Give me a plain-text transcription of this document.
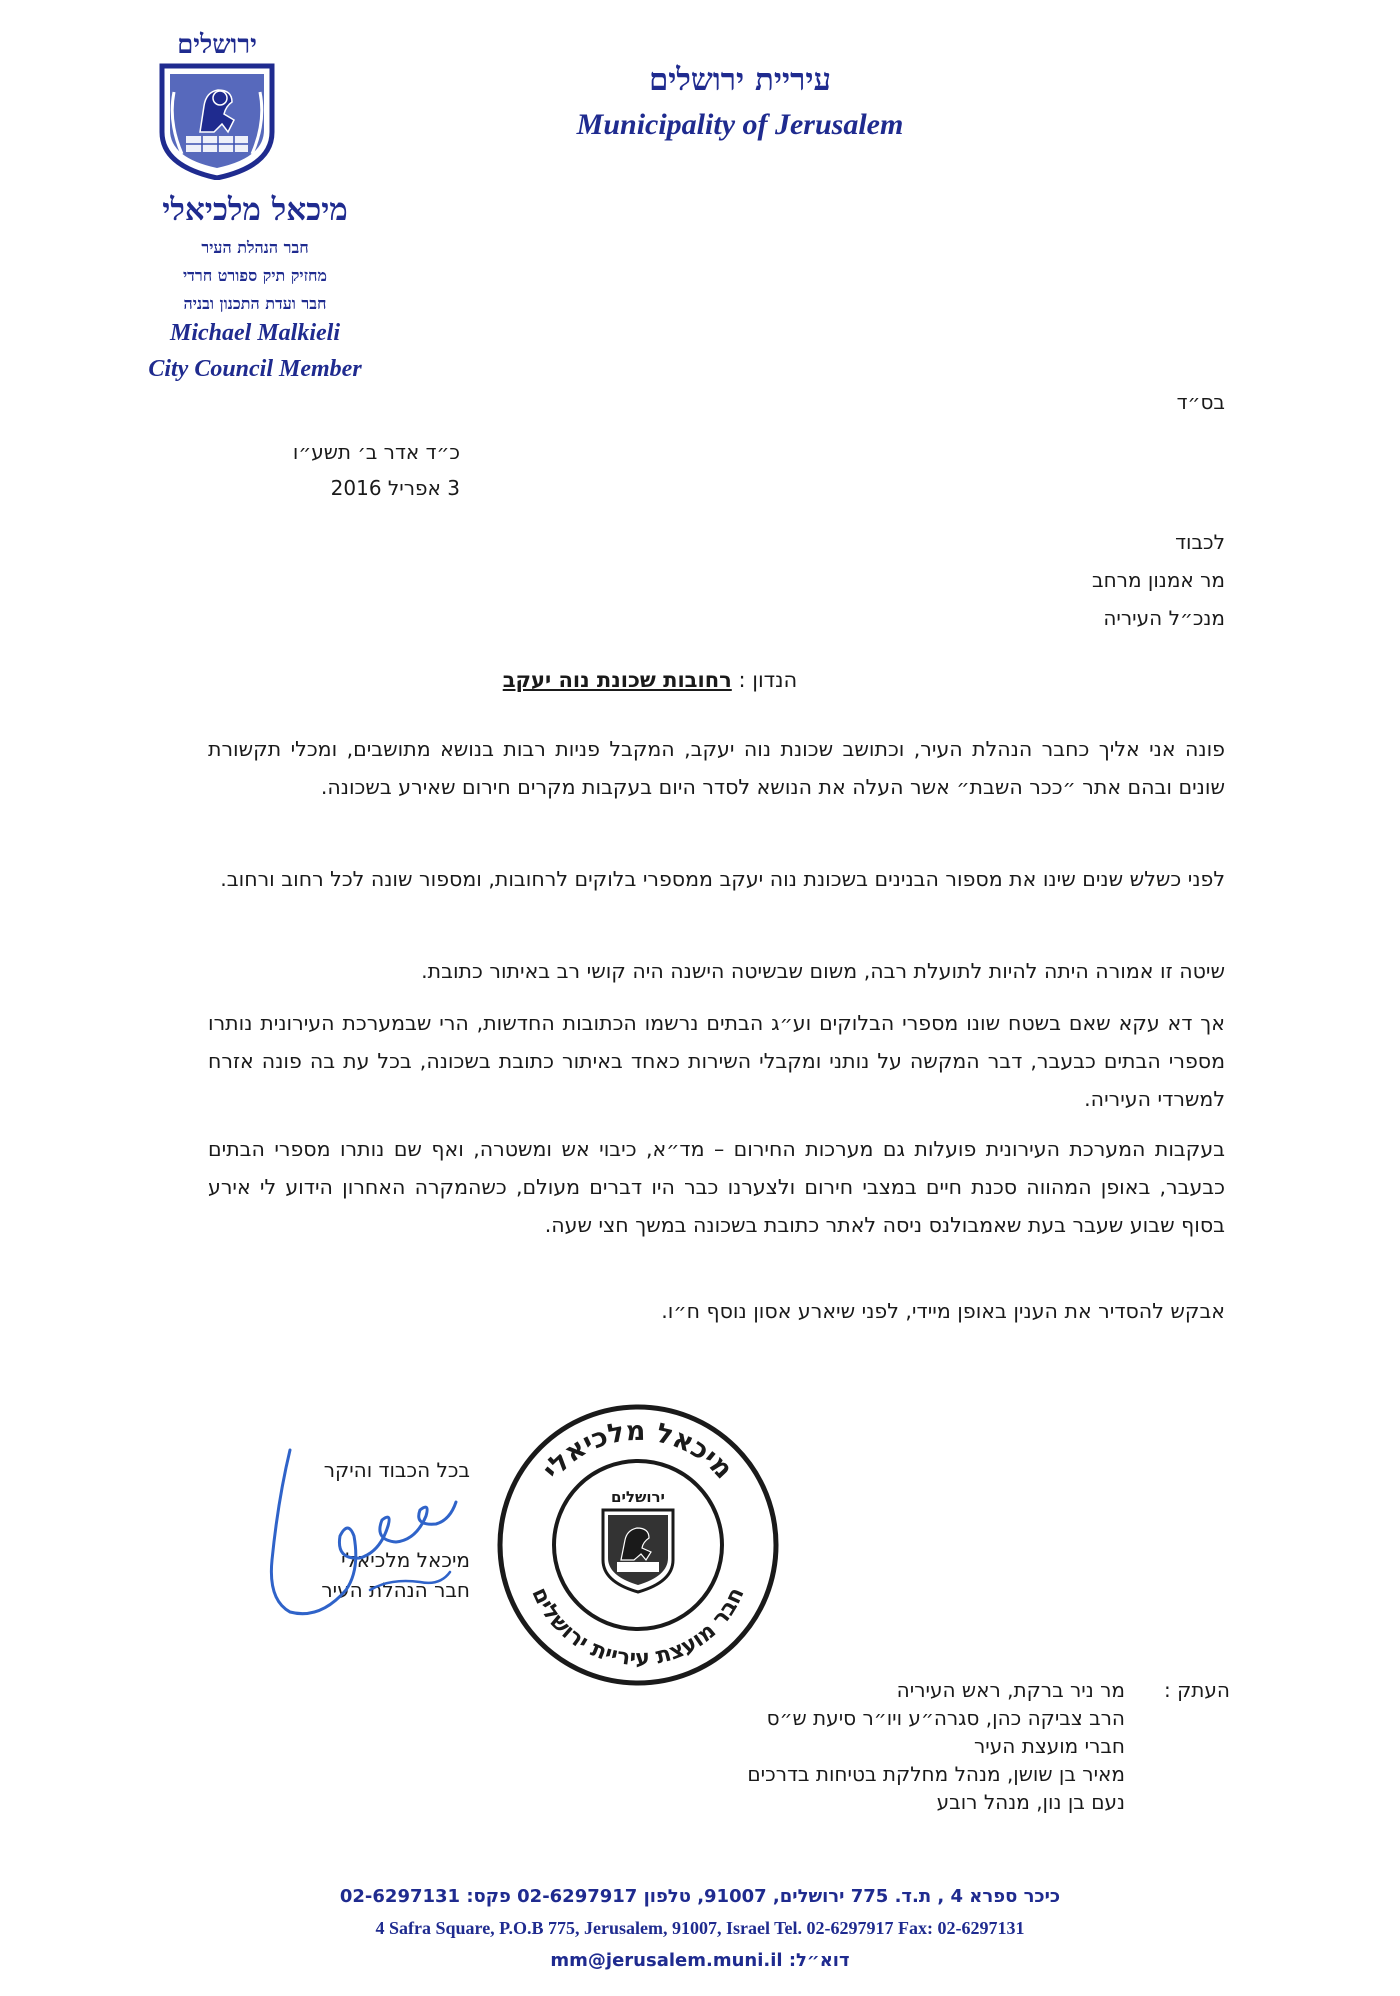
ירושלים
מיכאל מלכיאלי
חבר הנהלת העיר
מחזיק תיק ספורט חרדי
חבר ועדת התכנון ובניה
Michael Malkieli
City Council Member
עיריית ירושלים
Municipality of Jerusalem
בס״ד
כ״ד אדר ב׳ תשע״ו
3 אפריל 2016
לכבוד
מר אמנון מרחב
מנכ״ל העיריה
הנדון : רחובות שכונת נוה יעקב
פונה אני אליך כחבר הנהלת העיר, וכתושב שכונת נוה יעקב, המקבל פניות רבות בנושא מתושבים, ומכלי תקשורת שונים ובהם אתר ״ככר השבת״ אשר העלה את הנושא לסדר היום בעקבות מקרים חירום שאירע בשכונה.
לפני כשלש שנים שינו את מספור הבנינים בשכונת נוה יעקב ממספרי בלוקים לרחובות, ומספור שונה לכל רחוב ורחוב.
שיטה זו אמורה היתה להיות לתועלת רבה, משום שבשיטה הישנה היה קושי רב באיתור כתובת.
אך דא עקא שאם בשטח שונו מספרי הבלוקים וע״ג הבתים נרשמו הכתובות החדשות, הרי שבמערכת העירונית נותרו מספרי הבתים כבעבר, דבר המקשה על נותני ומקבלי השירות כאחד באיתור כתובת בשכונה, בכל עת בה פונה אזרח למשרדי העיריה.
בעקבות המערכת העירונית פועלות גם מערכות החירום – מד״א, כיבוי אש ומשטרה, ואף שם נותרו מספרי הבתים כבעבר, באופן המהווה סכנת חיים במצבי חירום ולצערנו כבר היו דברים מעולם, כשהמקרה האחרון הידוע לי אירע בסוף שבוע שעבר בעת שאמבולנס ניסה לאתר כתובת בשכונה במשך חצי שעה.
אבקש להסדיר את הענין באופן מיידי, לפני שיארע אסון נוסף ח״ו.
בכל הכבוד והיקר
מיכאל מלכיאלי
חבר הנהלת העיר
מיכאל מלכיאלי
חבר מועצת עיריית ירושלים
ירושלים
העתק :
מר ניר ברקת, ראש העיריה
הרב צביקה כהן, סגרה״ע ויו״ר סיעת ש״ס
חברי מועצת העיר
מאיר בן שושן, מנהל מחלקת בטיחות בדרכים
נעם בן נון, מנהל רובע
כיכר ספרא 4 , ת.ד. 775 ירושלים, 91007, טלפון 02-6297917 פקס: 02-6297131
4 Safra Square, P.O.B 775, Jerusalem, 91007, Israel Tel. 02-6297917 Fax: 02-6297131
mm@jerusalem.muni.il :דוא״ל
